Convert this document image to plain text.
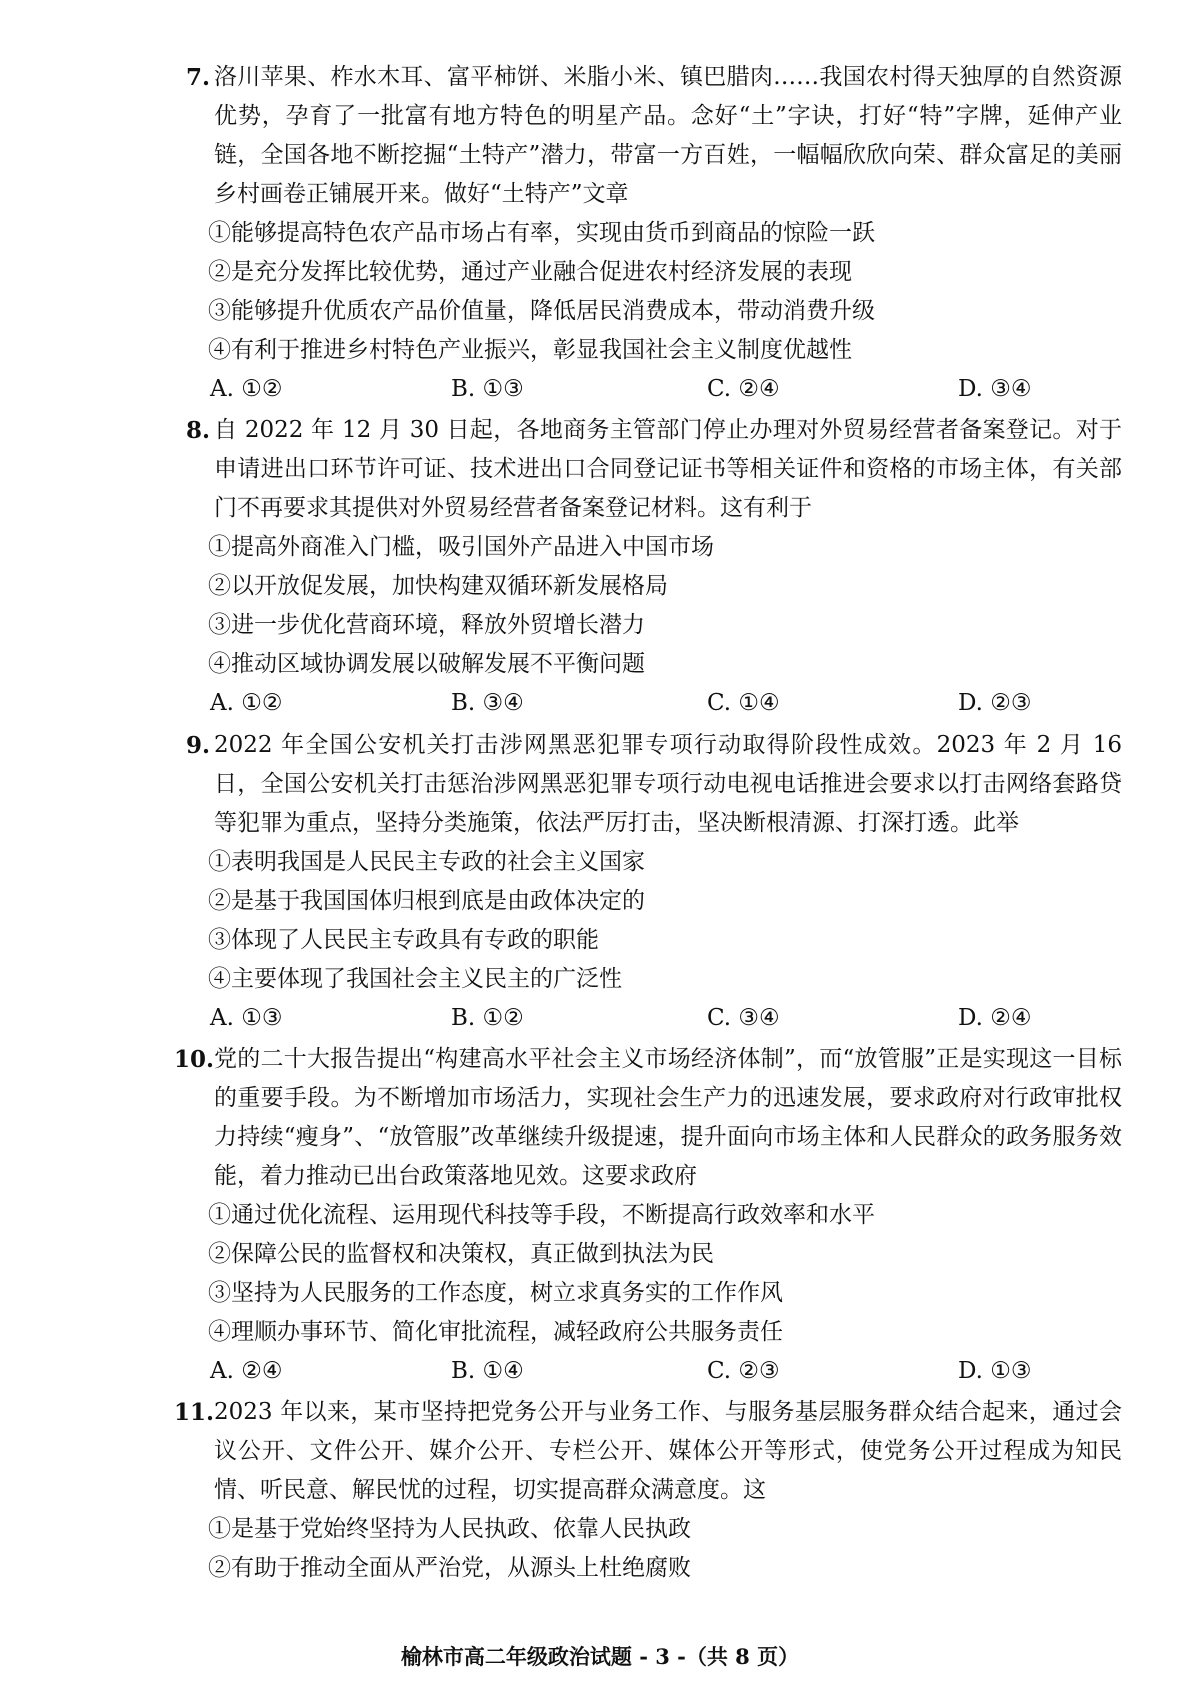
7. 洛川苹果、柞水木耳、富平柿饼、米脂小米、镇巴腊肉……我国农村得天独厚的自然资源优势，孕育了一批富有地方特色的明星产品。念好“土”字诀，打好“特”字牌，延伸产业链，全国各地不断挖掘“土特产”潜力，带富一方百姓，一幅幅欣欣向荣、群众富足的美丽乡村画卷正铺展开来。做好“土特产”文章
①能够提高特色农产品市场占有率，实现由货币到商品的惊险一跃
②是充分发挥比较优势，通过产业融合促进农村经济发展的表现
③能够提升优质农产品价值量，降低居民消费成本，带动消费升级
④有利于推进乡村特色产业振兴，彰显我国社会主义制度优越性
A. ①②	B. ①③	C. ②④	D. ③④
8. 自 2022 年 12 月 30 日起，各地商务主管部门停止办理对外贸易经营者备案登记。对于申请进出口环节许可证、技术进出口合同登记证书等相关证件和资格的市场主体，有关部门不再要求其提供对外贸易经营者备案登记材料。这有利于
①提高外商准入门槛，吸引国外产品进入中国市场
②以开放促发展，加快构建双循环新发展格局
③进一步优化营商环境，释放外贸增长潜力
④推动区域协调发展以破解发展不平衡问题
A. ①②	B. ③④	C. ①④	D. ②③
9. 2022 年全国公安机关打击涉网黑恶犯罪专项行动取得阶段性成效。2023 年 2 月 16 日，全国公安机关打击惩治涉网黑恶犯罪专项行动电视电话推进会要求以打击网络套路贷等犯罪为重点，坚持分类施策，依法严厉打击，坚决断根清源、打深打透。此举
①表明我国是人民民主专政的社会主义国家
②是基于我国国体归根到底是由政体决定的
③体现了人民民主专政具有专政的职能
④主要体现了我国社会主义民主的广泛性
A. ①③	B. ①②	C. ③④	D. ②④
10. 党的二十大报告提出“构建高水平社会主义市场经济体制”，而“放管服”正是实现这一目标的重要手段。为不断增加市场活力，实现社会生产力的迅速发展，要求政府对行政审批权力持续“瘦身”、“放管服”改革继续升级提速，提升面向市场主体和人民群众的政务服务效能，着力推动已出台政策落地见效。这要求政府
①通过优化流程、运用现代科技等手段，不断提高行政效率和水平
②保障公民的监督权和决策权，真正做到执法为民
③坚持为人民服务的工作态度，树立求真务实的工作作风
④理顺办事环节、简化审批流程，减轻政府公共服务责任
A. ②④	B. ①④	C. ②③	D. ①③
11. 2023 年以来，某市坚持把党务公开与业务工作、与服务基层服务群众结合起来，通过会议公开、文件公开、媒介公开、专栏公开、媒体公开等形式，使党务公开过程成为知民情、听民意、解民忧的过程，切实提高群众满意度。这
①是基于党始终坚持为人民执政、依靠人民执政
②有助于推动全面从严治党，从源头上杜绝腐败
榆林市高二年级政治试题 - 3 -（共 8 页）
